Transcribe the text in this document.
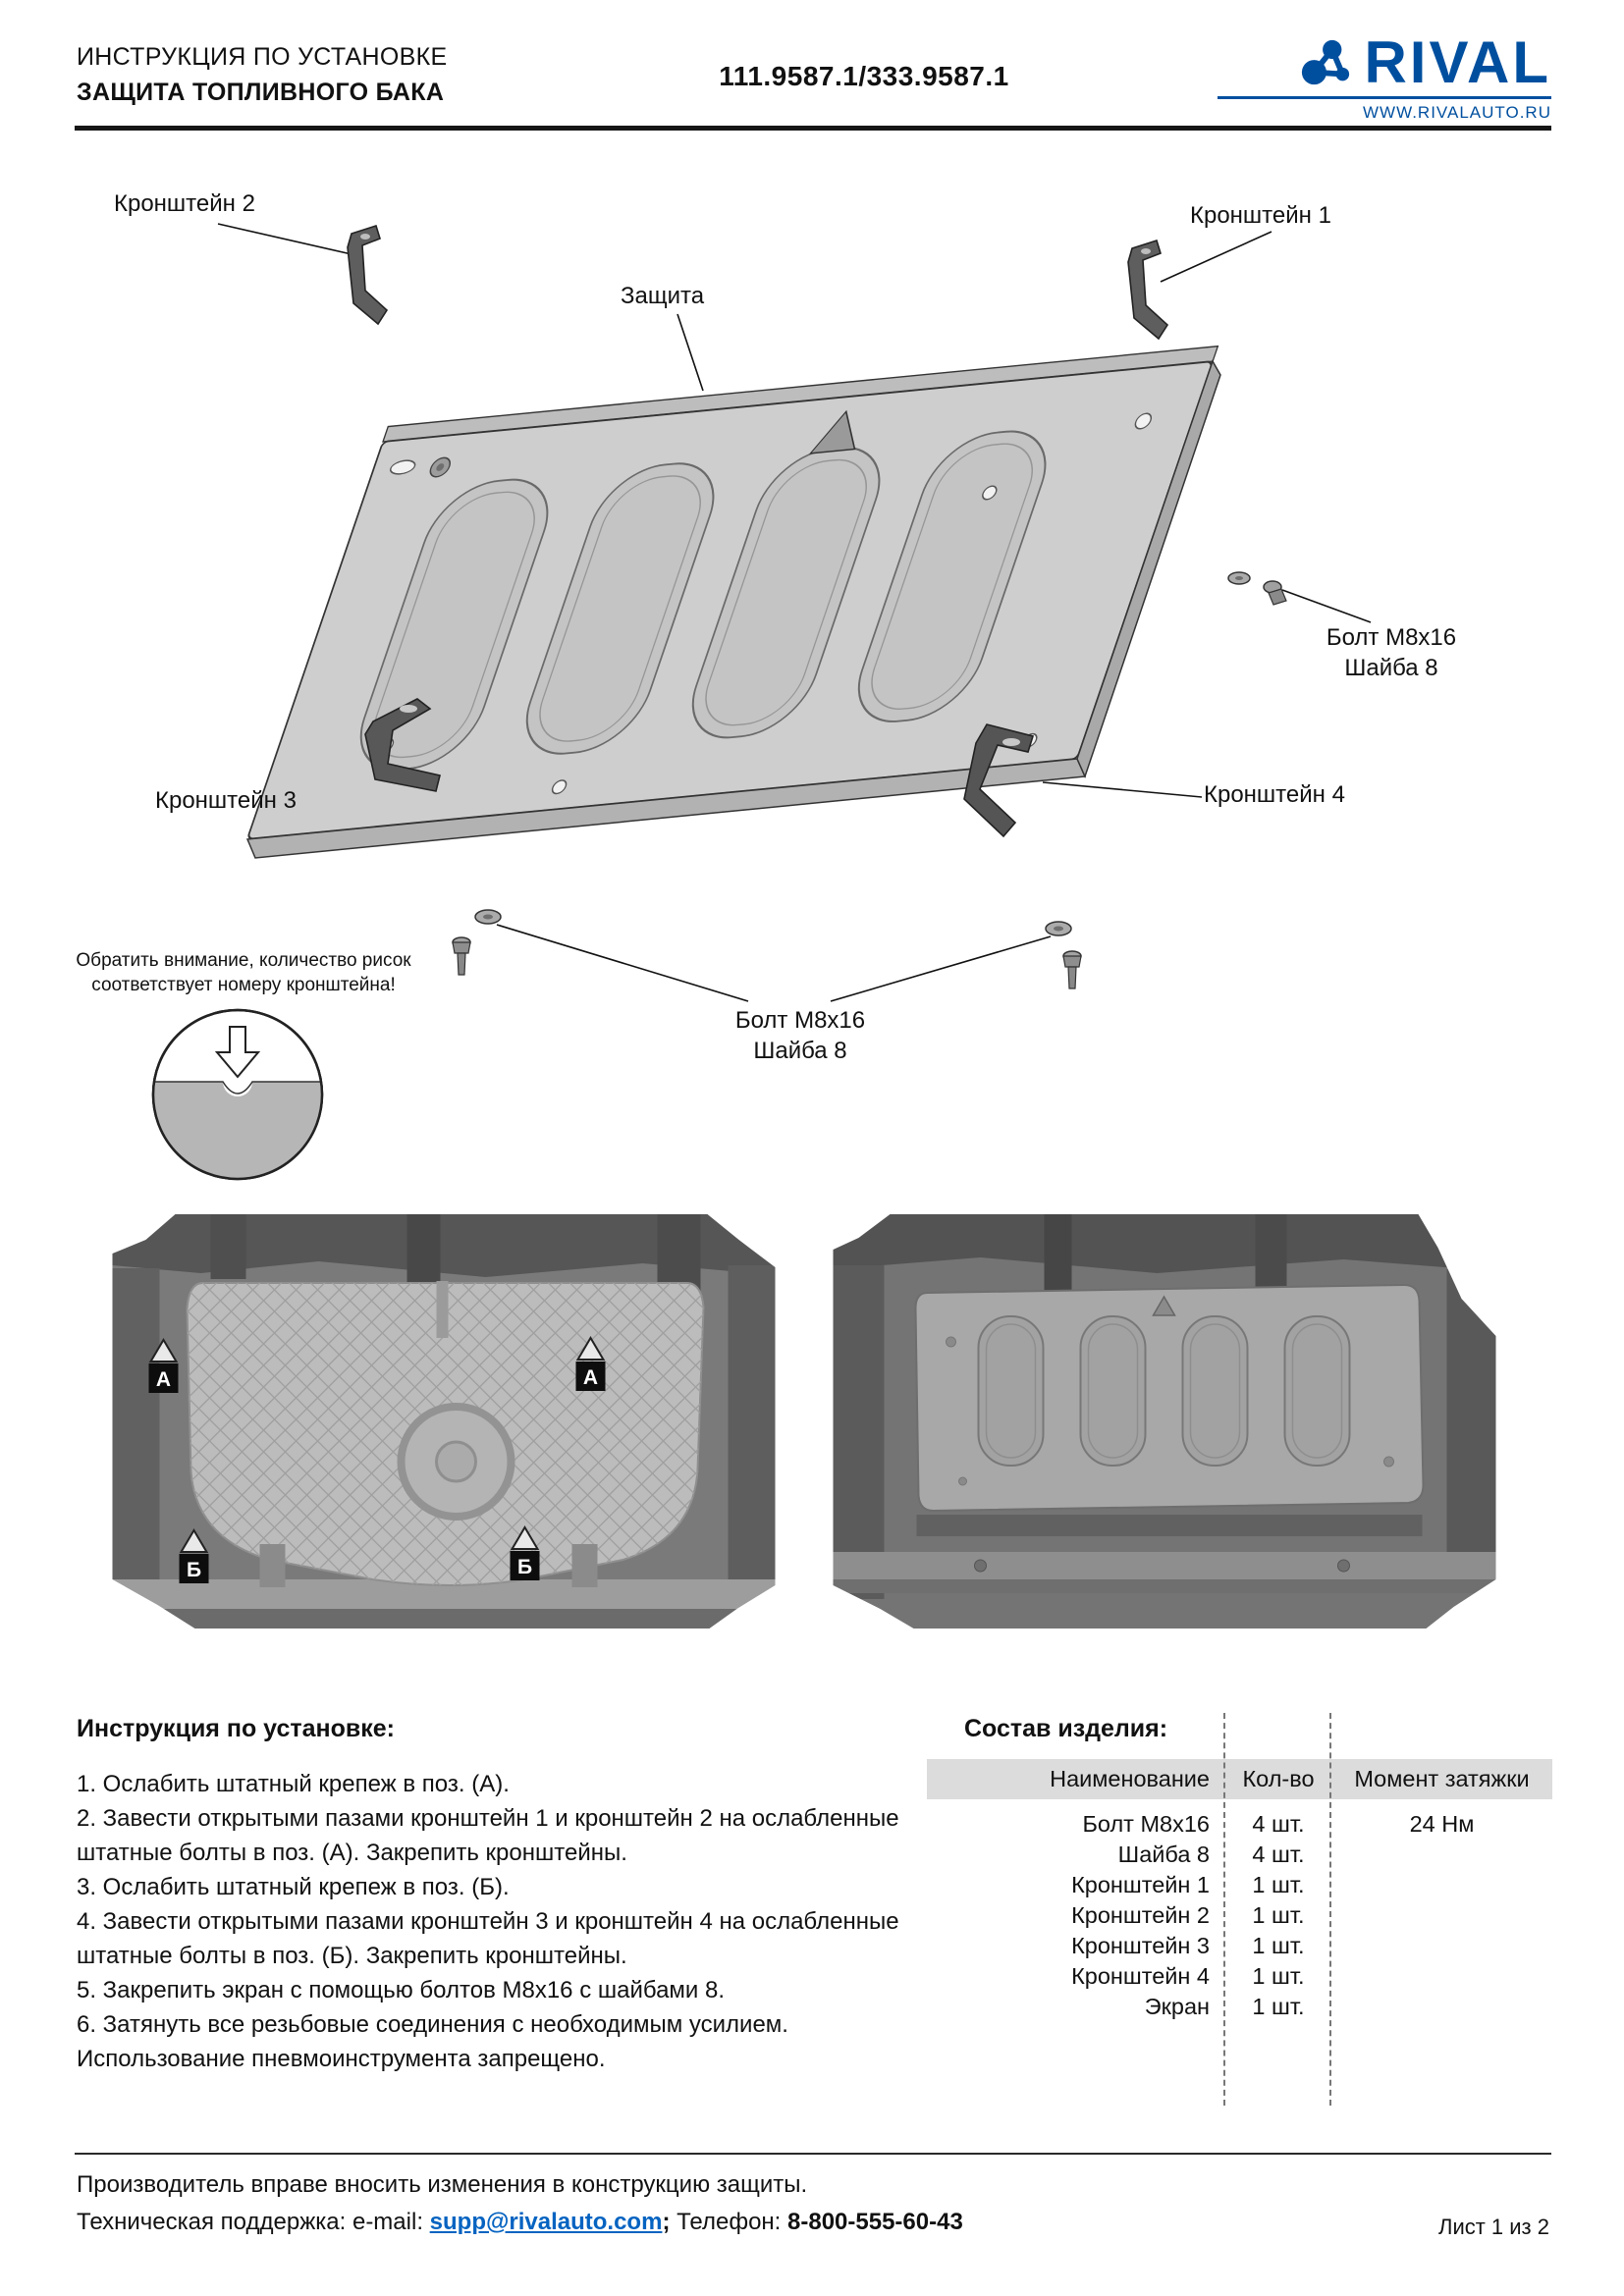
ИНСТРУКЦИЯ ПО УСТАНОВКЕ
ЗАЩИТА ТОПЛИВНОГО БАКА
111.9587.1/333.9587.1	RIVAL
WWW.RIVALAUTO.RU
Кронштейн 2	Кронштейн 1
Защита
Болт М8х16
Шайба 8
Кронштейн 3	Кронштейн 4
Болт М8х16
Шайба 8
Обратить внимание, количество рисок
соответствует номеру кронштейна!
А	А
Б	Б
Инструкция по установке:
1. Ослабить штатный крепеж в поз. (А).
2. Завести открытыми пазами кронштейн 1 и кронштейн 2 на ослабленные штатные болты в поз. (А). Закрепить кронштейны.
3. Ослабить штатный крепеж в поз. (Б).
4. Завести открытыми пазами кронштейн 3 и кронштейн 4 на ослабленные штатные болты в поз. (Б). Закрепить кронштейны.
5. Закрепить экран с помощью болтов М8х16 с шайбами 8.
6. Затянуть все резьбовые соединения с необходимым усилием.
Использование пневмоинструмента запрещено.
Состав изделия:
Наименование	Кол-во	Момент затяжки
Болт М8х16	4 шт.	24 Нм
Шайба 8	4 шт.
Кронштейн 1	1 шт.
Кронштейн 2	1 шт.
Кронштейн 3	1 шт.
Кронштейн 4	1 шт.
Экран	1 шт.
Производитель вправе вносить изменения в конструкцию защиты.
Техническая поддержка: e-mail: supp@rivalauto.com; Телефон: 8-800-555-60-43	Лист 1 из 2
